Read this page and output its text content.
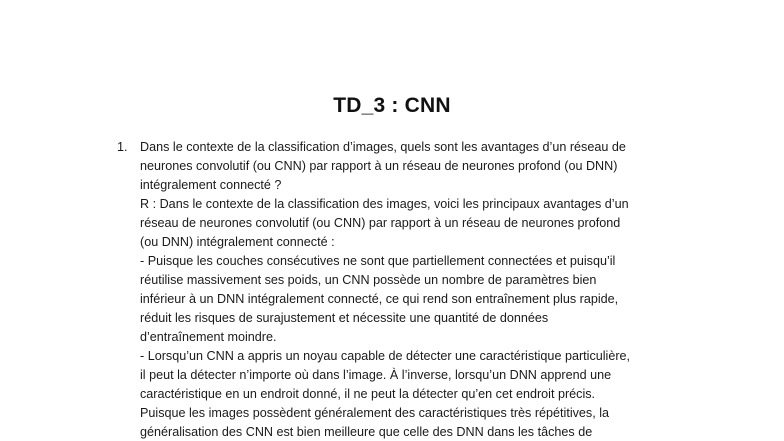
TD_3 : CNN
1. Dans le contexte de la classification d’images, quels sont les avantages d’un réseau de
neurones convolutif (ou CNN) par rapport à un réseau de neurones profond (ou DNN)
intégralement connecté ?
R : Dans le contexte de la classification des images, voici les principaux avantages d’un
réseau de neurones convolutif (ou CNN) par rapport à un réseau de neurones profond
(ou DNN) intégralement connecté :
- Puisque les couches consécutives ne sont que partiellement connectées et puisqu’il
réutilise massivement ses poids, un CNN possède un nombre de paramètres bien
inférieur à un DNN intégralement connecté, ce qui rend son entraînement plus rapide,
réduit les risques de surajustement et nécessite une quantité de données
d’entraînement moindre.
- Lorsqu’un CNN a appris un noyau capable de détecter une caractéristique particulière,
il peut la détecter n’importe où dans l’image. À l’inverse, lorsqu’un DNN apprend une
caractéristique en un endroit donné, il ne peut la détecter qu’en cet endroit précis.
Puisque les images possèdent généralement des caractéristiques très répétitives, la
généralisation des CNN est bien meilleure que celle des DNN dans les tâches de
